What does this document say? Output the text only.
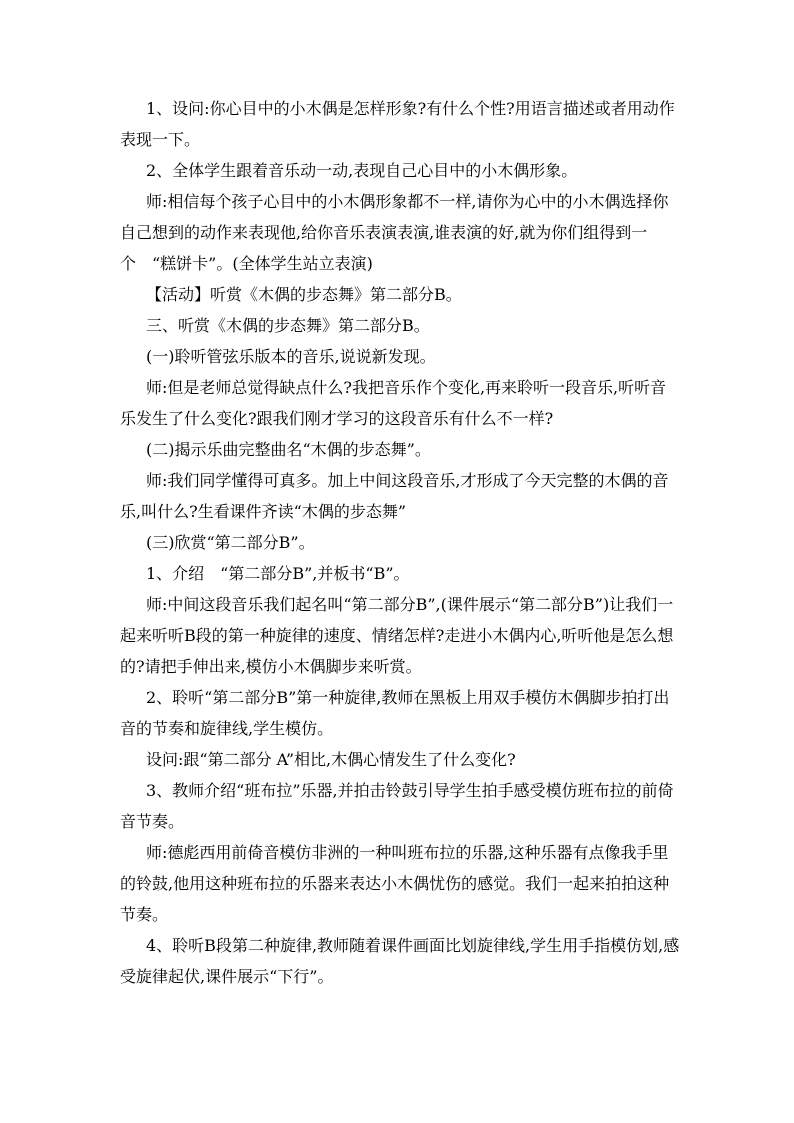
1、设问:你心目中的小木偶是怎样形象?有什么个性?用语言描述或者用动作表现一下。

2、全体学生跟着音乐动一动,表现自己心目中的小木偶形象。

师:相信每个孩子心目中的小木偶形象都不一样,请你为心中的小木偶选择你自己想到的动作来表现他,给你音乐表演表演,谁表演的好,就为你们组得到一个　“糕饼卡”。(全体学生站立表演)

【活动】听赏《木偶的步态舞》第二部分B。

三、听赏《木偶的步态舞》第二部分B。

(一)聆听管弦乐版本的音乐,说说新发现。

师:但是老师总觉得缺点什么?我把音乐作个变化,再来聆听一段音乐,听听音乐发生了什么变化?跟我们刚才学习的这段音乐有什么不一样?

(二)揭示乐曲完整曲名“木偶的步态舞”。

师:我们同学懂得可真多。加上中间这段音乐,才形成了今天完整的木偶的音乐,叫什么?生看课件齐读“木偶的步态舞”

(三)欣赏“第二部分B”。

1、介绍　“第二部分B”,并板书“B”。

师:中间这段音乐我们起名叫“第二部分B”,(课件展示“第二部分B”)让我们一起来听听B段的第一种旋律的速度、情绪怎样?走进小木偶内心,听听他是怎么想的?请把手伸出来,模仿小木偶脚步来听赏。

2、聆听“第二部分B”第一种旋律,教师在黑板上用双手模仿木偶脚步拍打出音的节奏和旋律线,学生模仿。

设问:跟“第二部分 A”相比,木偶心情发生了什么变化?

3、教师介绍“班布拉”乐器,并拍击铃鼓引导学生拍手感受模仿班布拉的前倚音节奏。

师:德彪西用前倚音模仿非洲的一种叫班布拉的乐器,这种乐器有点像我手里的铃鼓,他用这种班布拉的乐器来表达小木偶忧伤的感觉。我们一起来拍拍这种节奏。

4、聆听B段第二种旋律,教师随着课件画面比划旋律线,学生用手指模仿划,感受旋律起伏,课件展示“下行”。
